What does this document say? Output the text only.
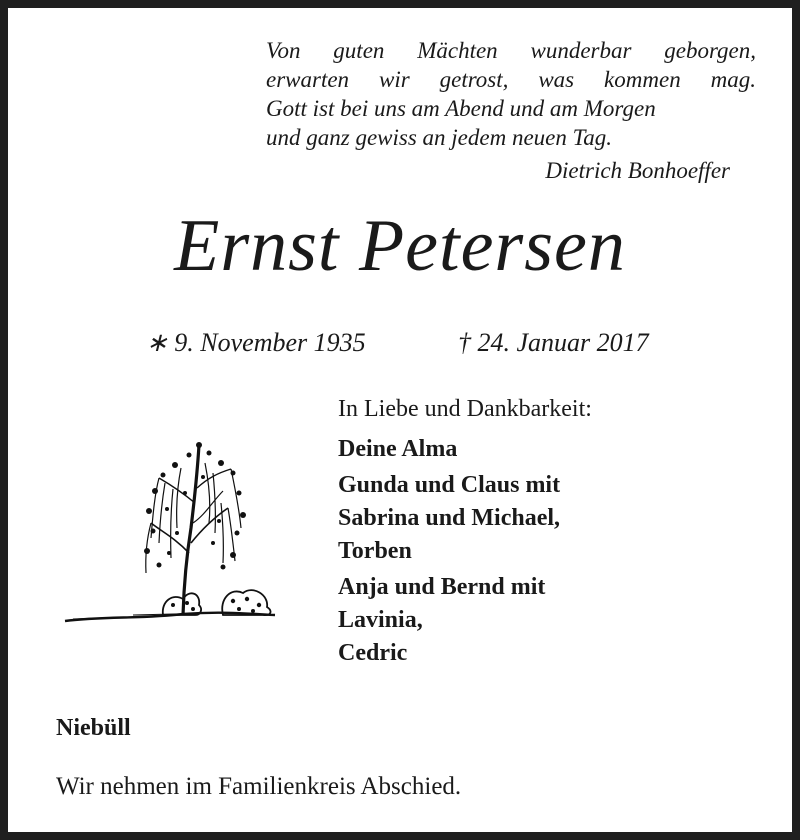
Von guten Mächten wunderbar geborgen,
erwarten wir getrost, was kommen mag.
Gott ist bei uns am Abend und am Morgen
und ganz gewiss an jedem neuen Tag.
Dietrich Bonhoeffer
Ernst Petersen
∗ 9. November 1935	† 24. Januar 2017
In Liebe und Dankbarkeit:
Deine Alma
Gunda und Claus mit
Sabrina und Michael,
Torben
Anja und Bernd mit
Lavinia,
Cedric
Niebüll
Wir nehmen im Familienkreis Abschied.
